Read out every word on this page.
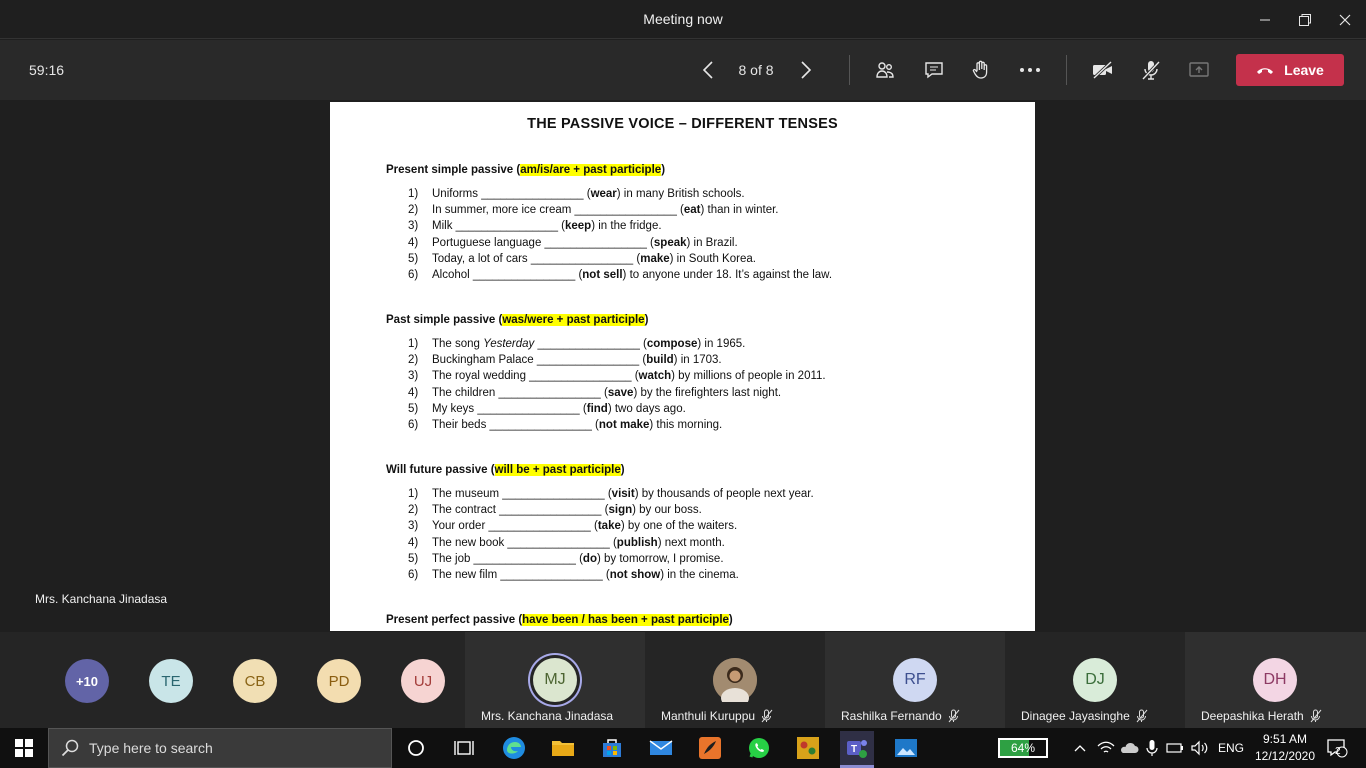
Meeting now
59:16	8 of 8	Leave
THE PASSIVE VOICE – DIFFERENT TENSES
Present simple passive (am/is/are + past participle)
1)	Uniforms ________________ (wear) in many British schools.
2)	In summer, more ice cream ________________ (eat) than in winter.
3)	Milk ________________ (keep) in the fridge.
4)	Portuguese language ________________ (speak) in Brazil.
5)	Today, a lot of cars ________________ (make) in South Korea.
6)	Alcohol ________________ (not sell) to anyone under 18. It’s against the law.
Past simple passive (was/were + past participle)
1)	The song Yesterday ________________ (compose) in 1965.
2)	Buckingham Palace ________________ (build) in 1703.
3)	The royal wedding ________________ (watch) by millions of people in 2011.
4)	The children ________________ (save) by the firefighters last night.
5)	My keys ________________ (find) two days ago.
6)	Their beds ________________ (not make) this morning.
Will future passive (will be + past participle)
1)	The museum ________________ (visit) by thousands of people next year.
2)	The contract ________________ (sign) by our boss.
3)	Your order ________________ (take) by one of the waiters.
4)	The new book ________________ (publish) next month.
5)	The job ________________ (do) by tomorrow, I promise.
6)	The new film ________________ (not show) in the cinema.
Present perfect passive (have been / has been + past participle)
Mrs. Kanchana Jinadasa
+10	TE	CB	PD	UJ	MJ
Mrs. Kanchana Jinadasa	Manthuli Kuruppu
RF
Rashilka Fernando
DJ
Dinagee Jayasinghe
DH
Deepashika Herath
Type here to search	T	64%	ENG
9:51 AM
12/12/2020 2
